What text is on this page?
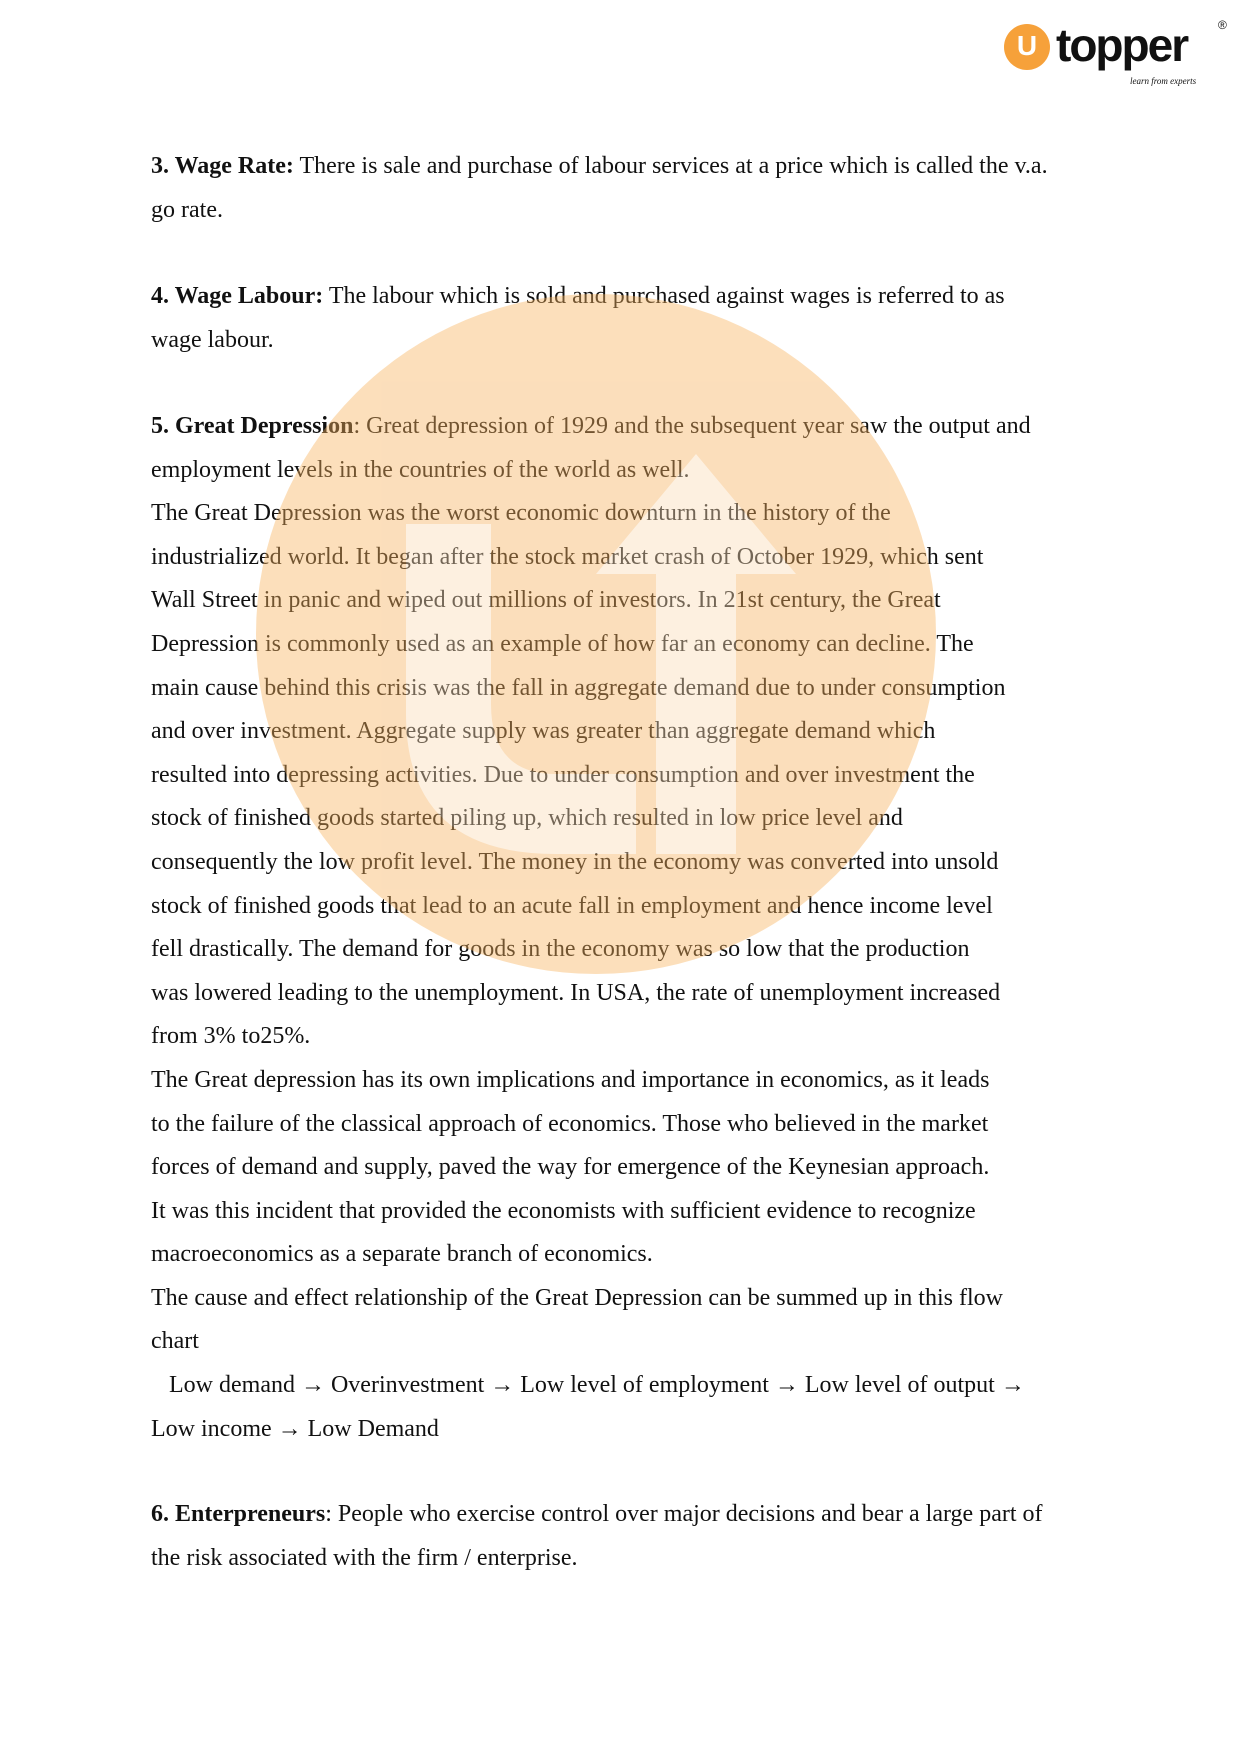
U topper	®
learn from experts
3. Wage Rate: There is sale and purchase of labour services at a price which is called the v.a.
go rate.
4. Wage Labour: The labour which is sold and purchased against wages is referred to as
wage labour.
5. Great Depression: Great depression of 1929 and the subsequent year saw the output and
employment levels in the countries of the world as well.
The Great Depression was the worst economic downturn in the history of the
industrialized world. It began after the stock market crash of October 1929, which sent
Wall Street in panic and wiped out millions of investors. In 21st century, the Great
Depression is commonly used as an example of how far an economy can decline. The
main cause behind this crisis was the fall in aggregate demand due to under consumption
and over investment. Aggregate supply was greater than aggregate demand which
resulted into depressing activities. Due to under consumption and over investment the
stock of finished goods started piling up, which resulted in low price level and
consequently the low profit level. The money in the economy was converted into unsold
stock of finished goods that lead to an acute fall in employment and hence income level
fell drastically. The demand for goods in the economy was so low that the production
was lowered leading to the unemployment. In USA, the rate of unemployment increased
from 3% to25%.
The Great depression has its own implications and importance in economics, as it leads
to the failure of the classical approach of economics. Those who believed in the market
forces of demand and supply, paved the way for emergence of the Keynesian approach.
It was this incident that provided the economists with sufficient evidence to recognize
macroeconomics as a separate branch of economics.
The cause and effect relationship of the Great Depression can be summed up in this flow
chart
Low demand → Overinvestment → Low level of employment → Low level of output →
Low income → Low Demand
6. Enterpreneurs: People who exercise control over major decisions and bear a large part of
the risk associated with the firm / enterprise.
